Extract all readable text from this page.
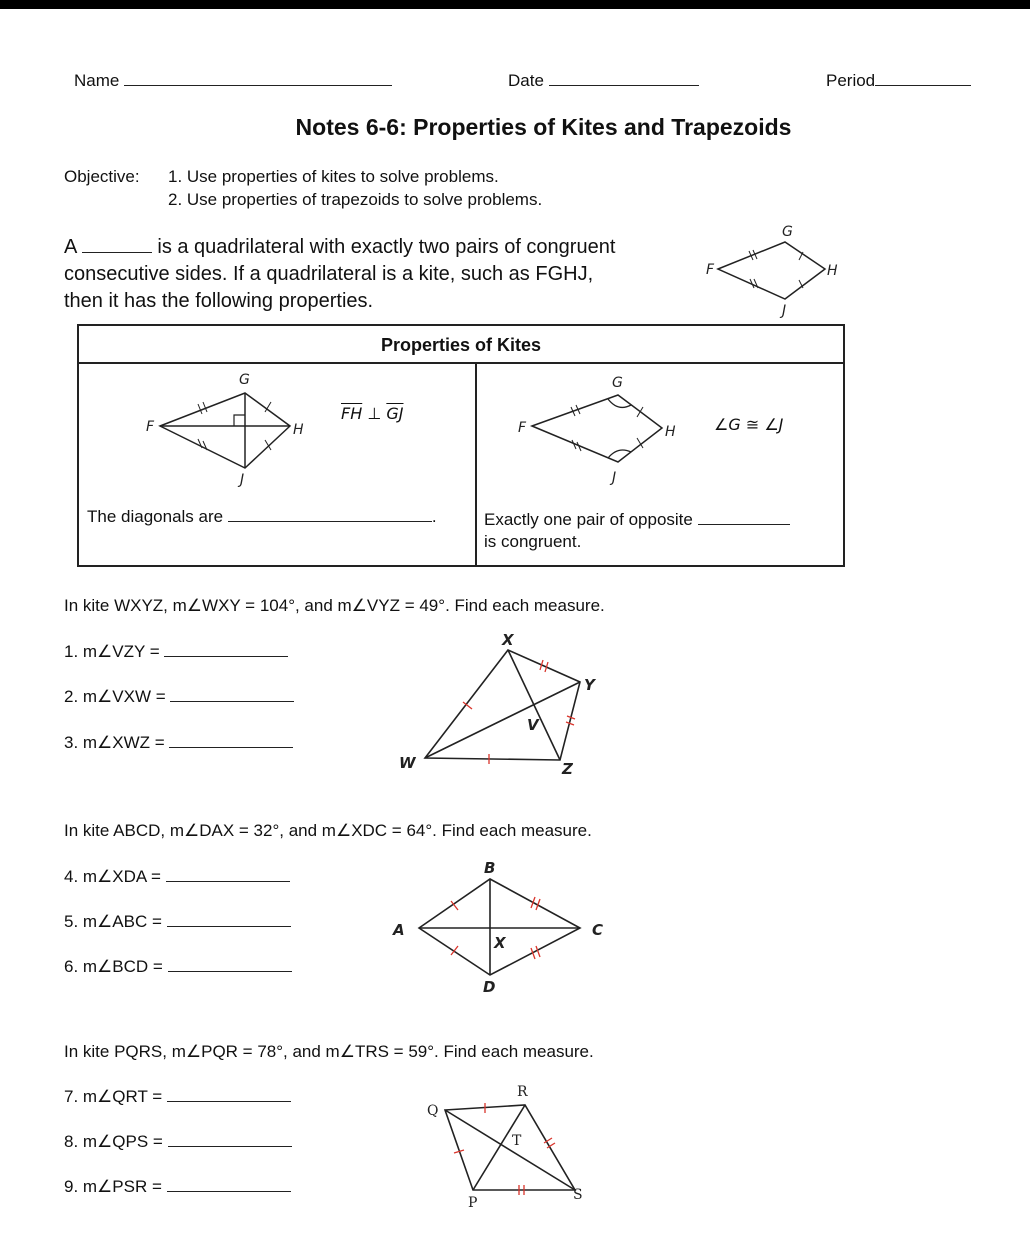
Name	Date	Period
Notes 6-6: Properties of Kites and Trapezoids
Objective: 1. Use properties of kites to solve problems.
2. Use properties of trapezoids to solve problems.
A	is a quadrilateral with exactly two pairs of congruent
consecutive sides. If a quadrilateral is a kite, such as FGHJ,
then it has the following properties.
G
F	H
J
Properties of Kites
G
F	H
J
$\overline{FH}$ ⊥ $\overline{GJ}$
The diagonals are	.
G
F	H
J
∠G ≅ ∠J
Exactly one pair of opposite
is congruent.
In kite WXYZ, m∠WXY = 104°, and m∠VYZ = 49°. Find each measure.
1. m∠VZY =
2. m∠VXW =
3. m∠XWZ =
X
Y
V
W	Z
In kite ABCD, m∠DAX = 32°, and m∠XDC = 64°. Find each measure.
4. m∠XDA =
5. m∠ABC =
6. m∠BCD =
B
A	C
X
D
In kite PQRS, m∠PQR = 78°, and m∠TRS = 59°. Find each measure.
7. m∠QRT =
8. m∠QPS =
9. m∠PSR =
R
Q
T
P	S
